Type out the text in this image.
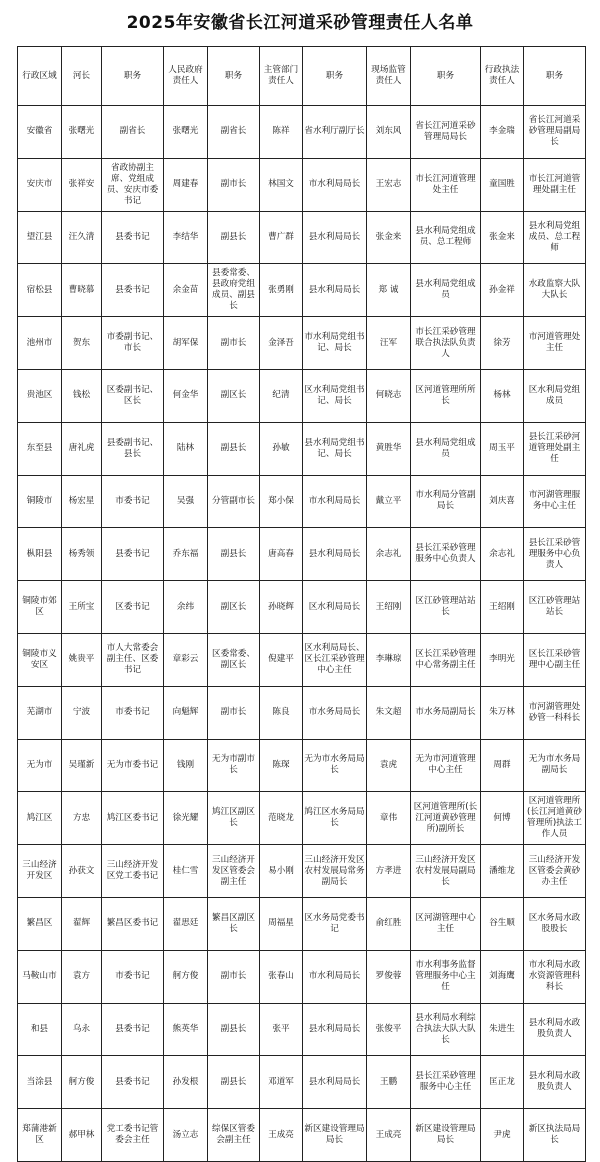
2025年安徽省长江河道采砂管理责任人名单
行政区域	河长	职务	人民政府责任人	职务	主管部门责任人	职务	现场监管责任人	职务	行政执法责任人	职务
安徽省	张曙光	副省长	张曙光	副省长	陈祥	省水利厅副厅长	刘东风	省长江河道采砂管理局局长	李金瑞	省长江河道采砂管理局副局长
安庆市	张祥安	省政协副主席、党组成员、安庆市委书记	周建春	副市长	林国文	市水利局局长	王宏志	市长江河道管理处主任	童国胜	市长江河道管理处副主任
望江县	汪久清	县委书记	李结华	副县长	曹广群	县水利局局长	张金来	县水利局党组成员、总工程师	张金来	县水利局党组成员、总工程师
宿松县	曹晓慕	县委书记	余金苗	县委常委、县政府党组成员、副县长	张勇刚	县水利局局长	郑 诚	县水利局党组成员	孙金祥	水政监察大队大队长
池州市	贺东	市委副书记、市长	胡军保	副市长	金泽吾	市水利局党组书记、局长	汪军	市长江采砂管理联合执法队负责人	徐芳	市河道管理处主任
贵池区	钱松	区委副书记、区长	何金华	副区长	纪清	区水利局党组书记、局长	何晓志	区河道管理所所长	杨林	区水利局党组成员
东至县	唐礼虎	县委副书记、县长	陆林	副县长	孙敏	县水利局党组书记、局长	黄胜华	县水利局党组成员	周玉平	县长江采砂河道管理处副主任
铜陵市	杨宏星	市委书记	吴强	分管副市长	郑小保	市水利局局长	戴立平	市水利局分管副局长	刘庆喜	市河湖管理服务中心主任
枞阳县	杨秀领	县委书记	乔东福	副县长	唐高春	县水利局局长	余志礼	县长江采砂管理服务中心负责人	余志礼	县长江采砂管理服务中心负责人
铜陵市郊区	王所宝	区委书记	余纬	副区长	孙晓辉	区水利局局长	王绍刚	区江砂管理站站长	王绍刚	区江砂管理站站长
铜陵市义安区	姚贵平	市人大常委会副主任、区委书记	章彩云	区委常委、副区长	倪建平	区水利局局长、区长江采砂管理中心主任	李琳琼	区长江采砂管理中心常务副主任	李明光	区长江采砂管理中心副主任
芜湖市	宁波	市委书记	向魁辉	副市长	陈良	市水务局局长	朱文超	市水务局副局长	朱万林	市河湖管理处砂管一科科长
无为市	吴瑾新	无为市委书记	钱刚	无为市副市长	陈琛	无为市水务局局长	袁虎	无为市河道管理中心主任	周群	无为市水务局副局长
鸠江区	方忠	鸠江区委书记	徐光耀	鸠江区副区长	范晓龙	鸠江区水务局局长	章伟	区河道管理所(长江河道黄砂管理所)副所长	何博	区河道管理所(长江河道黄砂管理所)执法工作人员
三山经济开发区	孙获文	三山经济开发区党工委书记	桂仁雪	三山经济开发区管委会副主任	易小刚	三山经济开发区农村发展局常务副局长	方孝进	三山经济开发区农村发展局副局长	潘维龙	三山经济开发区管委会黄砂办主任
繁昌区	翟辉	繁昌区委书记	翟思廷	繁昌区副区长	周福星	区水务局党委书记	俞红胜	区河湖管理中心主任	谷生顺	区水务局水政股股长
马鞍山市	袁方	市委书记	舸方俊	副市长	张春山	市水利局局长	罗俊蓉	市水利事务监督管理服务中心主任	刘海鹰	市水利局水政水资源管理科科长
和县	乌永	县委书记	熊英华	副县长	张平	县水利局局长	张俊平	县水利局水利综合执法大队大队长	朱进生	县水利局水政股负责人
当涂县	舸方俊	县委书记	孙发根	副县长	邓道军	县水利局局长	王鹏	县长江采砂管理服务中心主任	匡正龙	县水利局水政股负责人
郑蒲港新区	郝甲林	党工委书记管委会主任	汤立志	综保区管委会副主任	王成亮	新区建设管理局局长	王成亮	新区建设管理局局长	尹虎	新区执法局局长
